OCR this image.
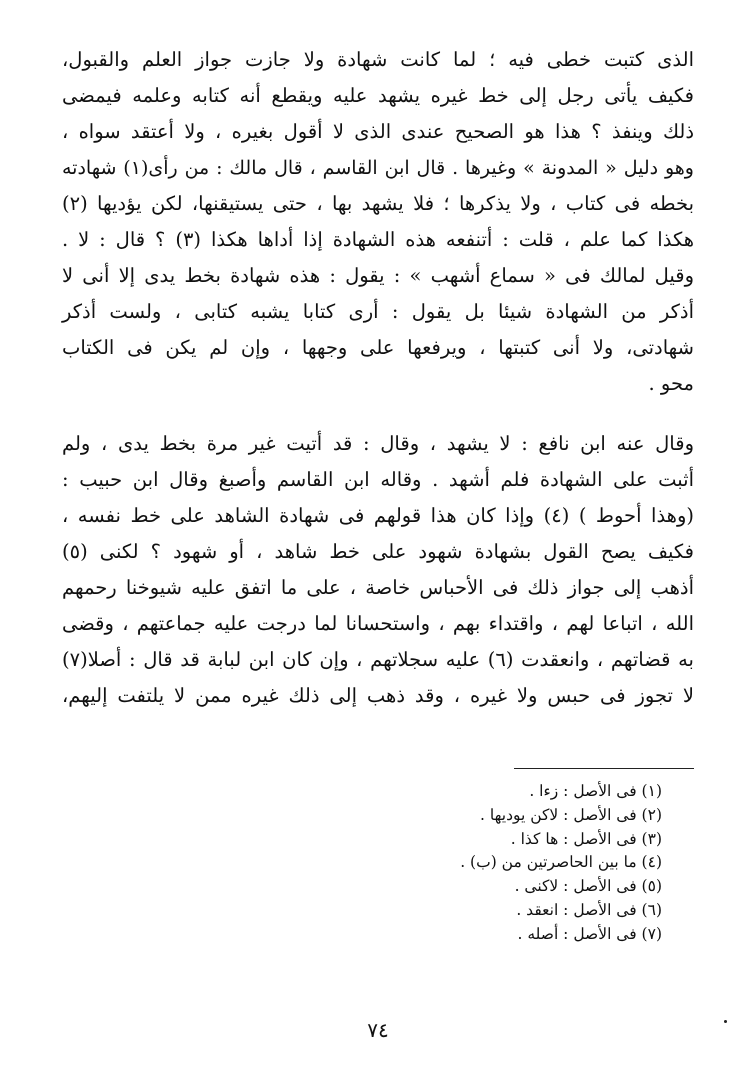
الذى كتبت خطى فيه ؛ لما كانت شهادة ولا جازت جواز العلم والقبول،
فكيف يأتى رجل إلى خط غيره يشهد عليه ويقطع أنه كتابه وعلمه فيمضى
ذلك وينفذ ؟ هذا هو الصحيح عندى الذى لا أقول بغيره ، ولا أعتقد سواه ،
وهو دليل « المدونة » وغيرها . قال ابن القاسم ، قال مالك : من رأى(١) شهادته
بخطه فى كتاب ، ولا يذكرها ؛ فلا يشهد بها ، حتى يستيقنها، لكن يؤديها (٢)
هكذا كما علم ، قلت : أتنفعه هذه الشهادة إذا أداها هكذا (٣) ؟ قال : لا .
وقيل لمالك فى « سماع أشهب » : يقول : هذه شهادة بخط يدى إلا أنى لا
أذكر من الشهادة شيئا بل يقول : أرى كتابا يشبه كتابى ، ولست أذكر
شهادتى، ولا أنى كتبتها ، ويرفعها على وجهها ، وإن لم يكن فى الكتاب
محو .
وقال عنه ابن نافع : لا يشهد ، وقال : قد أتيت غير مرة بخط يدى ، ولم
أثبت على الشهادة فلم أشهد . وقاله ابن القاسم وأصبغ وقال ابن حبيب :
(وهذا أحوط ) (٤) وإذا كان هذا قولهم فى شهادة الشاهد على خط نفسه ،
فكيف يصح القول بشهادة شهود على خط شاهد ، أو شهود ؟ لكنى (٥)
أذهب إلى جواز ذلك فى الأحباس خاصة ، على ما اتفق عليه شيوخنا رحمهم
الله ، اتباعا لهم ، واقتداء بهم ، واستحسانا لما درجت عليه جماعتهم ، وقضى
به قضاتهم ، وانعقدت (٦) عليه سجلاتهم ، وإن كان ابن لبابة قد قال : أصلا(٧)
لا تجوز فى حبس ولا غيره ، وقد ذهب إلى ذلك غيره ممن لا يلتفت إليهم،
(١) فى الأصل : زءا .
(٢) فى الأصل : لاكن يوديها .
(٣) فى الأصل : ها كذا .
(٤) ما بين الحاصرتين من (ب) .
(٥) فى الأصل : لاكنى .
(٦) فى الأصل : انعقد .
(٧) فى الأصل : أصله .
٧٤
